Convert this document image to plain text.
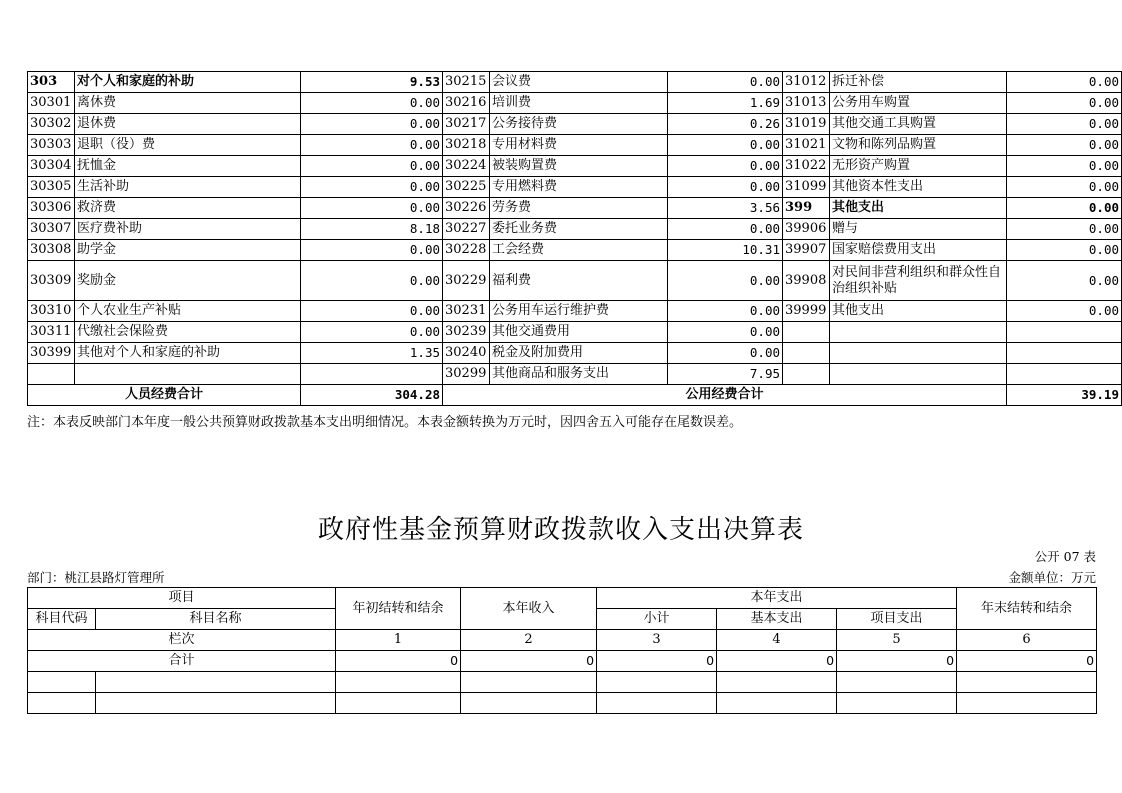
303	对个人和家庭的补助	9.53	30215	会议费	0.00	31012	拆迁补偿	0.00
30301	离休费	0.00	30216	培训费	1.69	31013	公务用车购置	0.00
30302	退休费	0.00	30217	公务接待费	0.26	31019	其他交通工具购置	0.00
30303	退职（役）费	0.00	30218	专用材料费	0.00	31021	文物和陈列品购置	0.00
30304	抚恤金	0.00	30224	被装购置费	0.00	31022	无形资产购置	0.00
30305	生活补助	0.00	30225	专用燃料费	0.00	31099	其他资本性支出	0.00
30306	救济费	0.00	30226	劳务费	3.56	399	其他支出	0.00
30307	医疗费补助	8.18	30227	委托业务费	0.00	39906	赠与	0.00
30308	助学金	0.00	30228	工会经费	10.31	39907	国家赔偿费用支出	0.00
30309	奖励金	0.00	30229	福利费	0.00	39908	对民间非营利组织和群众性自治组织补贴	0.00
30310	个人农业生产补贴	0.00	30231	公务用车运行维护费	0.00	39999	其他支出	0.00
30311	代缴社会保险费	0.00	30239	其他交通费用	0.00			
30399	其他对个人和家庭的补助	1.35	30240	税金及附加费用	0.00			
			30299	其他商品和服务支出	7.95			
人员经费合计		304.28	公用经费合计					39.19
注：本表反映部门本年度一般公共预算财政拨款基本支出明细情况。本表金额转换为万元时，因四舍五入可能存在尾数误差。
政府性基金预算财政拨款收入支出决算表
公开 07 表
部门：桃江县路灯管理所	金额单位：万元
项目		年初结转和结余	本年收入	本年支出			年末结转和结余
科目代码	科目名称			小计	基本支出	项目支出	
栏次		1	2	3	4	5	6
合计		0	0	0	0	0	0
